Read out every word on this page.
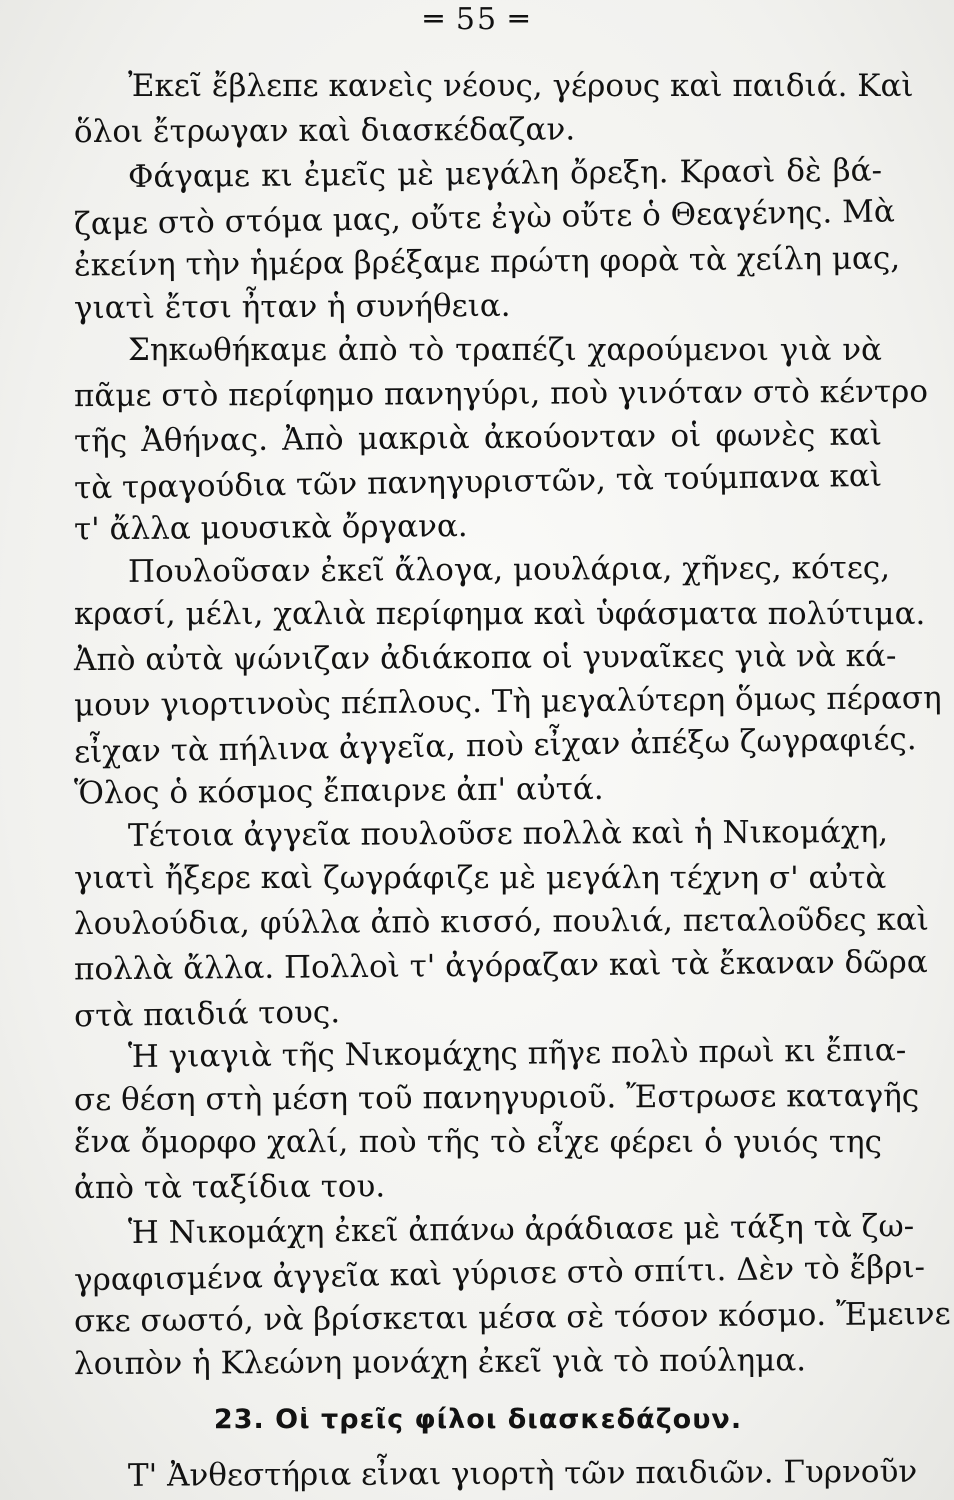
═ 55 ═
Ἐκεῖ ἔβλεπε κανεὶς νέους, γέρους καὶ παιδιά. Καὶ
ὅλοι ἔτρωγαν καὶ διασκέδαζαν.
Φάγαμε κι ἐμεῖς μὲ μεγάλη ὄρεξη. Κρασὶ δὲ βά-
ζαμε στὸ στόμα μας, οὔτε ἐγὼ οὔτε ὁ Θεαγένης. Μὰ
ἐκείνη τὴν ἡμέρα βρέξαμε πρώτη φορὰ τὰ χείλη μας,
γιατὶ ἔτσι ἦταν ἡ συνήθεια.
Σηκωθήκαμε ἀπὸ τὸ τραπέζι χαρούμενοι γιὰ νὰ
πᾶμε στὸ περίφημο πανηγύρι, ποὺ γινόταν στὸ κέντρο
τῆς Ἀθήνας. Ἀπὸ μακριὰ ἀκούονταν οἱ φωνὲς καὶ
τὰ τραγούδια τῶν πανηγυριστῶν, τὰ τούμπανα καὶ
τ' ἄλλα μουσικὰ ὄργανα.
Πουλοῦσαν ἐκεῖ ἄλογα, μουλάρια, χῆνες, κότες,
κρασί, μέλι, χαλιὰ περίφημα καὶ ὑφάσματα πολύτιμα.
Ἀπὸ αὐτὰ ψώνιζαν ἀδιάκοπα οἱ γυναῖκες γιὰ νὰ κά-
μουν γιορτινοὺς πέπλους. Τὴ μεγαλύτερη ὅμως πέραση
εἶχαν τὰ πήλινα ἀγγεῖα, ποὺ εἶχαν ἀπέξω ζωγραφιές.
Ὅλος ὁ κόσμος ἔπαιρνε ἀπ' αὐτά.
Τέτοια ἀγγεῖα πουλοῦσε πολλὰ καὶ ἡ Νικομάχη,
γιατὶ ἤξερε καὶ ζωγράφιζε μὲ μεγάλη τέχνη σ' αὐτὰ
λουλούδια, φύλλα ἀπὸ κισσό, πουλιά, πεταλοῦδες καὶ
πολλὰ ἄλλα. Πολλοὶ τ' ἀγόραζαν καὶ τὰ ἔκαναν δῶρα
στὰ παιδιά τους.
Ἡ γιαγιὰ τῆς Νικομάχης πῆγε πολὺ πρωὶ κι ἔπια-
σε θέση στὴ μέση τοῦ πανηγυριοῦ. Ἔστρωσε καταγῆς
ἕνα ὄμορφο χαλί, ποὺ τῆς τὸ εἶχε φέρει ὁ γυιός της
ἀπὸ τὰ ταξίδια του.
Ἡ Νικομάχη ἐκεῖ ἀπάνω ἀράδιασε μὲ τάξη τὰ ζω-
γραφισμένα ἀγγεῖα καὶ γύρισε στὸ σπίτι. Δὲν τὸ ἔβρι-
σκε σωστό, νὰ βρίσκεται μέσα σὲ τόσον κόσμο. Ἔμεινε
λοιπὸν ἡ Κλεώνη μονάχη ἐκεῖ γιὰ τὸ πούλημα.
23. Οἱ τρεῖς φίλοι διασκεδάζουν.
Τ' Ἀνθεστήρια εἶναι γιορτὴ τῶν παιδιῶν. Γυρνοῦν
